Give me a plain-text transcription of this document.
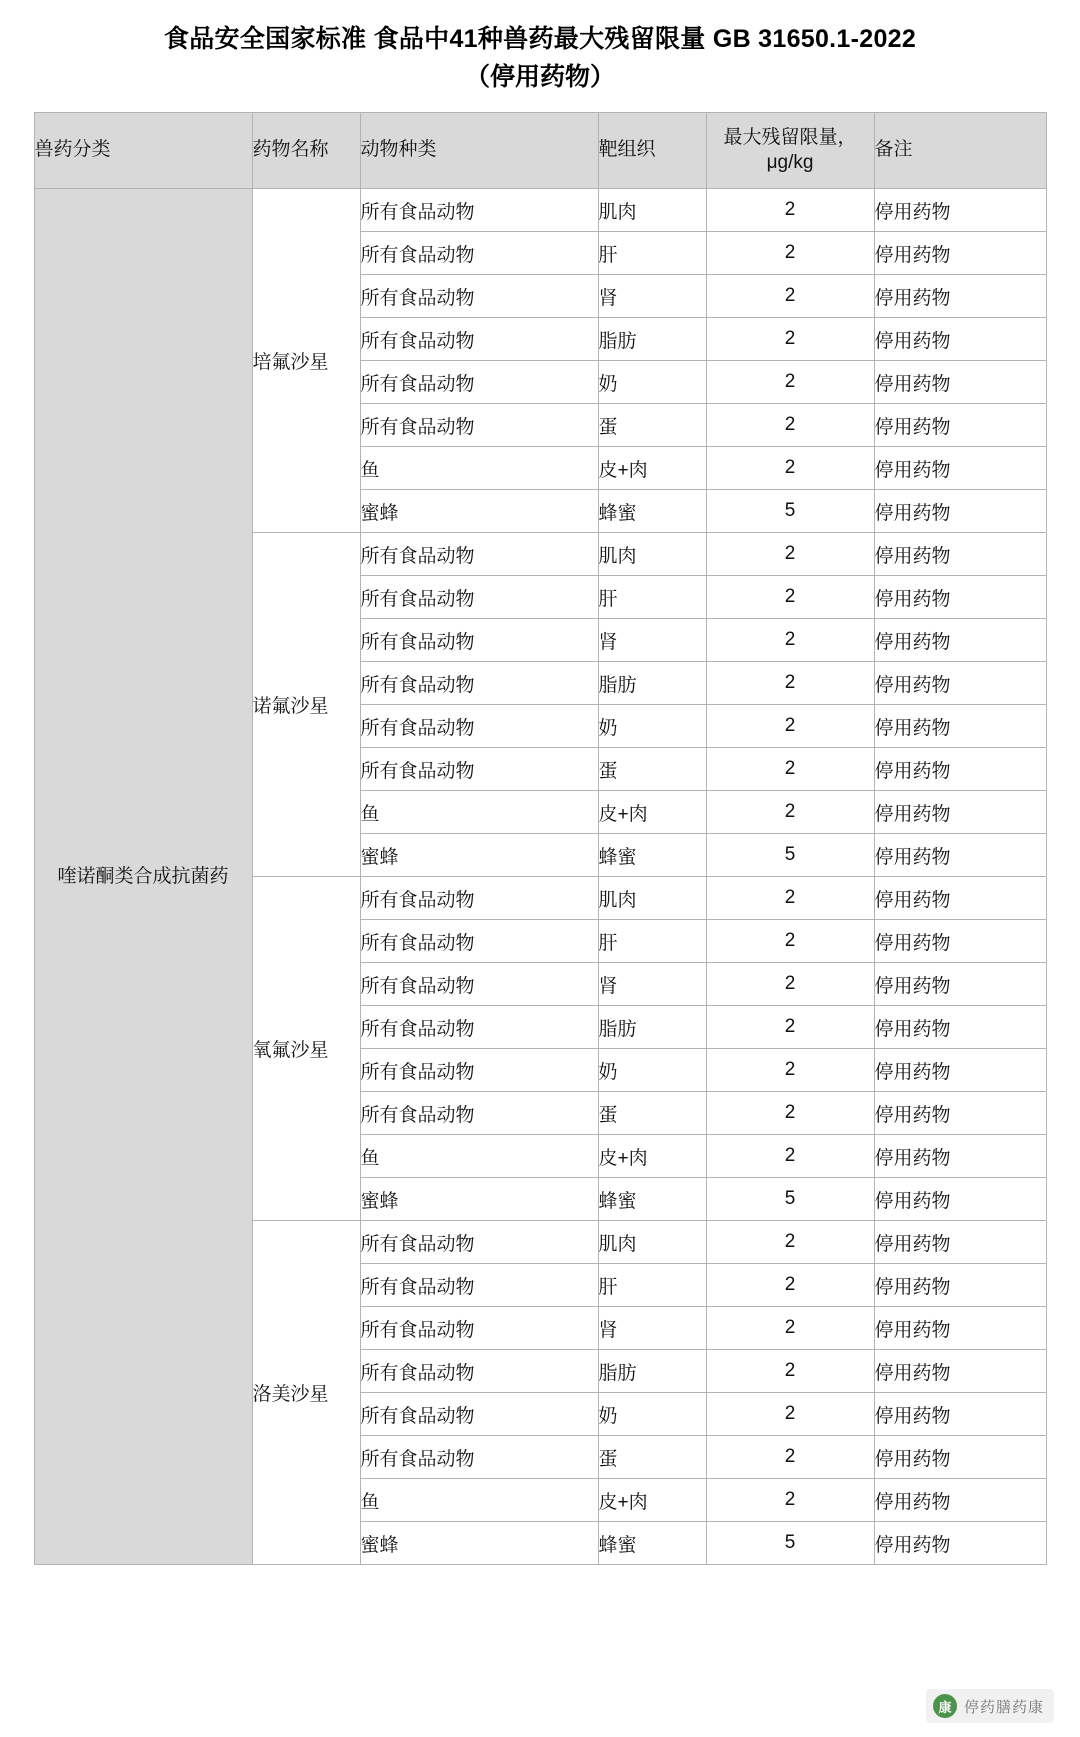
食品安全国家标准 食品中41种兽药最大残留限量 GB 31650.1-2022
（停用药物）
兽药分类	药物名称	动物种类	靶组织	最大残留限量，μg/kg	备注
喹诺酮类合成抗菌药	培氟沙星	所有食品动物	肌肉	2	停用药物
		所有食品动物	肝	2	停用药物
		所有食品动物	肾	2	停用药物
		所有食品动物	脂肪	2	停用药物
		所有食品动物	奶	2	停用药物
		所有食品动物	蛋	2	停用药物
		鱼	皮+肉	2	停用药物
		蜜蜂	蜂蜜	5	停用药物
	诺氟沙星	所有食品动物	肌肉	2	停用药物
		所有食品动物	肝	2	停用药物
		所有食品动物	肾	2	停用药物
		所有食品动物	脂肪	2	停用药物
		所有食品动物	奶	2	停用药物
		所有食品动物	蛋	2	停用药物
		鱼	皮+肉	2	停用药物
		蜜蜂	蜂蜜	5	停用药物
	氧氟沙星	所有食品动物	肌肉	2	停用药物
		所有食品动物	肝	2	停用药物
		所有食品动物	肾	2	停用药物
		所有食品动物	脂肪	2	停用药物
		所有食品动物	奶	2	停用药物
		所有食品动物	蛋	2	停用药物
		鱼	皮+肉	2	停用药物
		蜜蜂	蜂蜜	5	停用药物
	洛美沙星	所有食品动物	肌肉	2	停用药物
		所有食品动物	肝	2	停用药物
		所有食品动物	肾	2	停用药物
		所有食品动物	脂肪	2	停用药物
		所有食品动物	奶	2	停用药物
		所有食品动物	蛋	2	停用药物
		鱼	皮+肉	2	停用药物
		蜜蜂	蜂蜜	5	停用药物
康 停药膳药康
